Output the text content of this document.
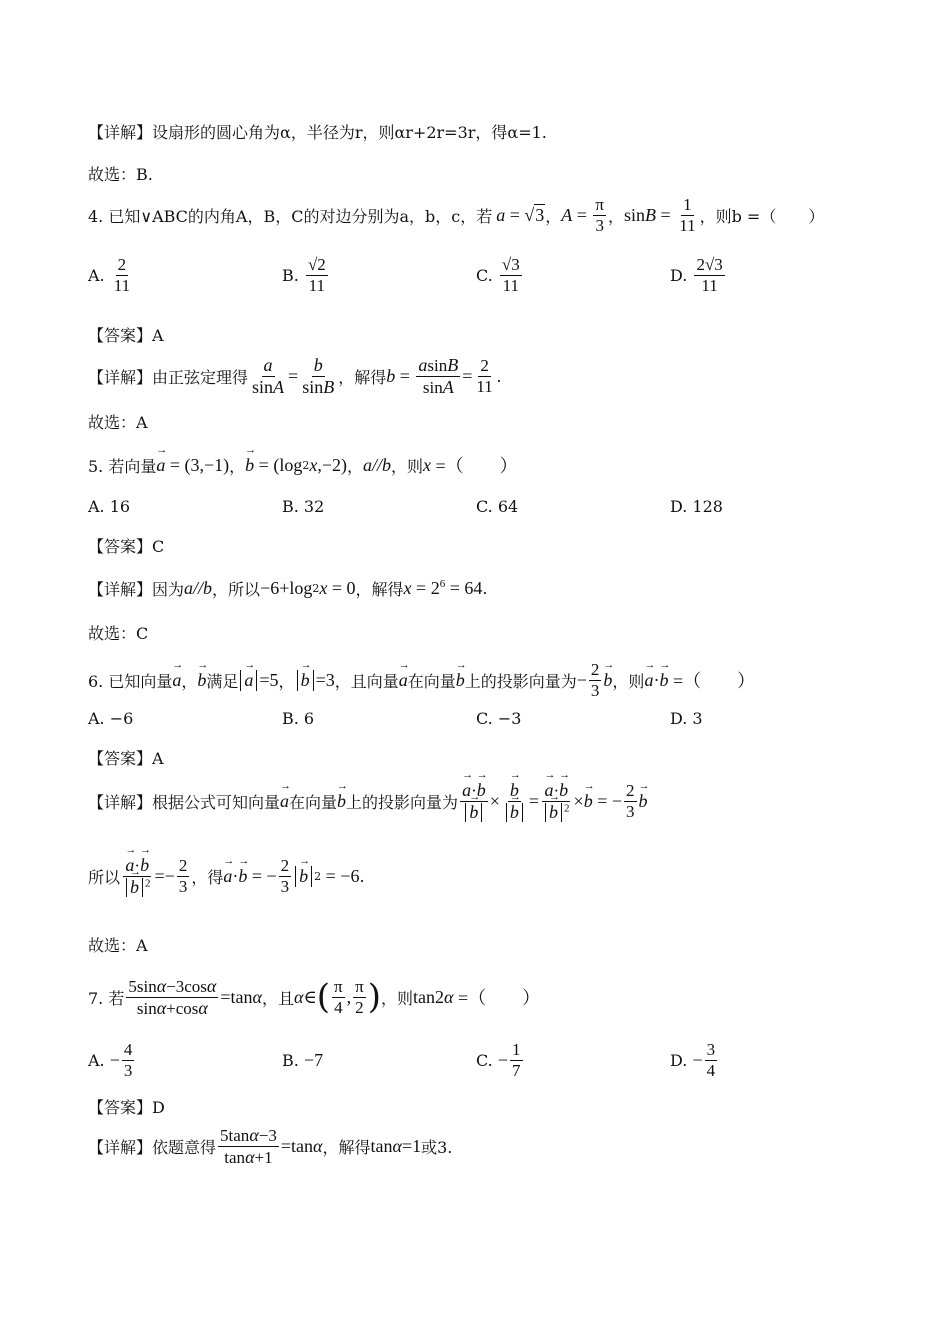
【详解】 设扇形的圆心角为α，半径为r，则αr+2r=3r，得α=1.
故选：B.
4. 已知∨ABC的内角A，B，C的对边分别为a，b，c，若 a = √ 3 ， $A = \frac{\pi}{3}$ ， $\sin B = \frac{1}{11}$ ，则b =（　　）
A.
$\frac{2}{11}$	B.
$\frac{√2}{11}$	C.
$\frac{√3}{11}$	D.
$\frac{2√3}{11}$
【答案】A
【详解】 由正弦定理得 $\frac{a}{\sin A} = \frac{b}{\sin B}$ ，解得 $b = \frac{asinB}{\sin A} = \frac{2}{11}$ .
故选：A
5. 若向量
→ a = (3,−1) ，
→ b = (log 2 x ,−2) ， a//b ，则 x =（　　）
A. 16	B. 32	C. 64	D. 128
【答案】C
【详解】 因为 a//b ，所以 −6+log 2 x = 0 ，解得 $x = 2^6 = 64$ .
故选：C
6. 已知向量
→ a ，
→ b 满足
→ a =5 ，
→ b =3 ，且向量
→ a 在向量
→ b 上的投影向量为 − $\frac{2}{3}$
→ b ，则
→ a ·
→ b =（　　）
A. −6	B. 6	C. −3	D. 3
【答案】A
【详解】 根据公式可知向量
→ a 在向量
→ b 上的投影向量为
→ a·→ b
→ b ×
→ b
→ b =
→ a·→ b
→ b $^2$ ×
→ b = − $\frac{2}{3}$
→ b
所以
→ a·→ b
→ b $^2 =- \frac{2}{3}$ ，得
→ a ·
→ b = − $\frac{2}{3}$
→ b 2 = −6 .
故选：A
7. 若 $\frac{5\sin\alpha-3\cos\alpha}{\sin\alpha+\cos\alpha} =\tan$ α ，且 α ∈ ( $\frac{\pi}{4}$ , $\frac{\pi}{2}$ ) ，则 tan2 α =（　　）
A.
− $\frac{4}{3}$	B.
−7	C.
− $\frac{1}{7}$	D.
− $\frac{3}{4}$
【答案】D
【详解】 依题意得 $\frac{5\tan\alpha-3}{\tan\alpha+1} =\tan$ α ，解得 tan α =1 或3.
